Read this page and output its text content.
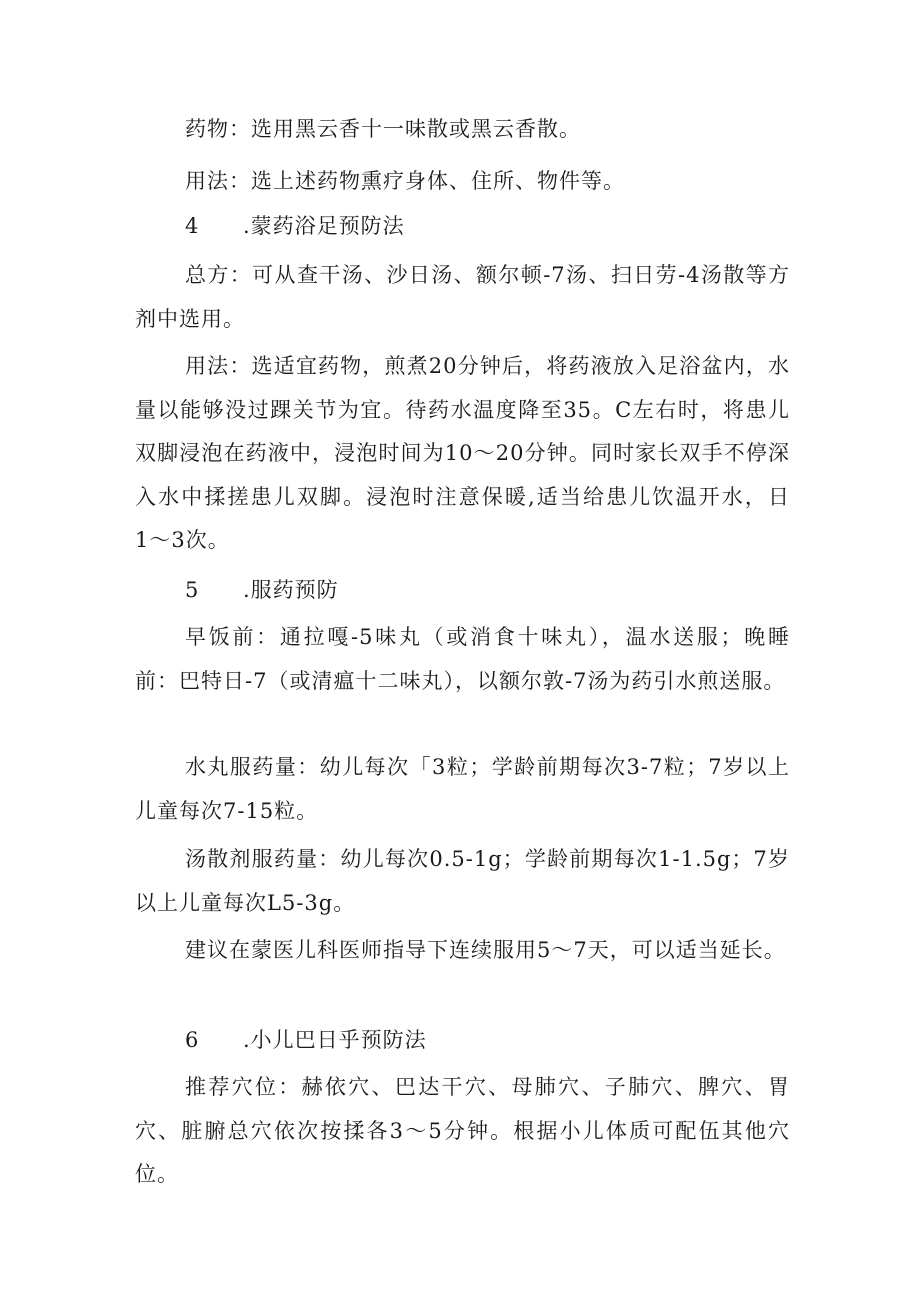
药物：选用黑云香十一味散或黑云香散。

用法：选上述药物熏疗身体、住所、物件等。

4 .蒙药浴足预防法

总方：可从查干汤、沙日汤、额尔顿-7汤、扫日劳-4汤散等方剂中选用。

用法：选适宜药物，煎煮20分钟后，将药液放入足浴盆内，水量以能够没过踝关节为宜。待药水温度降至35。C左右时，将患儿双脚浸泡在药液中，浸泡时间为10〜20分钟。同时家长双手不停深入水中揉搓患儿双脚。浸泡时注意保暖,适当给患儿饮温开水，日1〜3次。

5 .服药预防

早饭前：通拉嘎-5味丸（或消食十味丸），温水送服；晚睡前：巴特日-7（或清瘟十二味丸），以额尔敦-7汤为药引水煎送服。

水丸服药量：幼儿每次「3粒；学龄前期每次3-7粒；7岁以上儿童每次7-15粒。

汤散剂服药量：幼儿每次0.5-1g；学龄前期每次1-1.5g；7岁以上儿童每次L5-3g。

建议在蒙医儿科医师指导下连续服用5〜7天，可以适当延长。

6 .小儿巴日乎预防法

推荐穴位：赫依穴、巴达干穴、母肺穴、子肺穴、脾穴、胃穴、脏腑总穴依次按揉各3〜5分钟。根据小儿体质可配伍其他穴位。
